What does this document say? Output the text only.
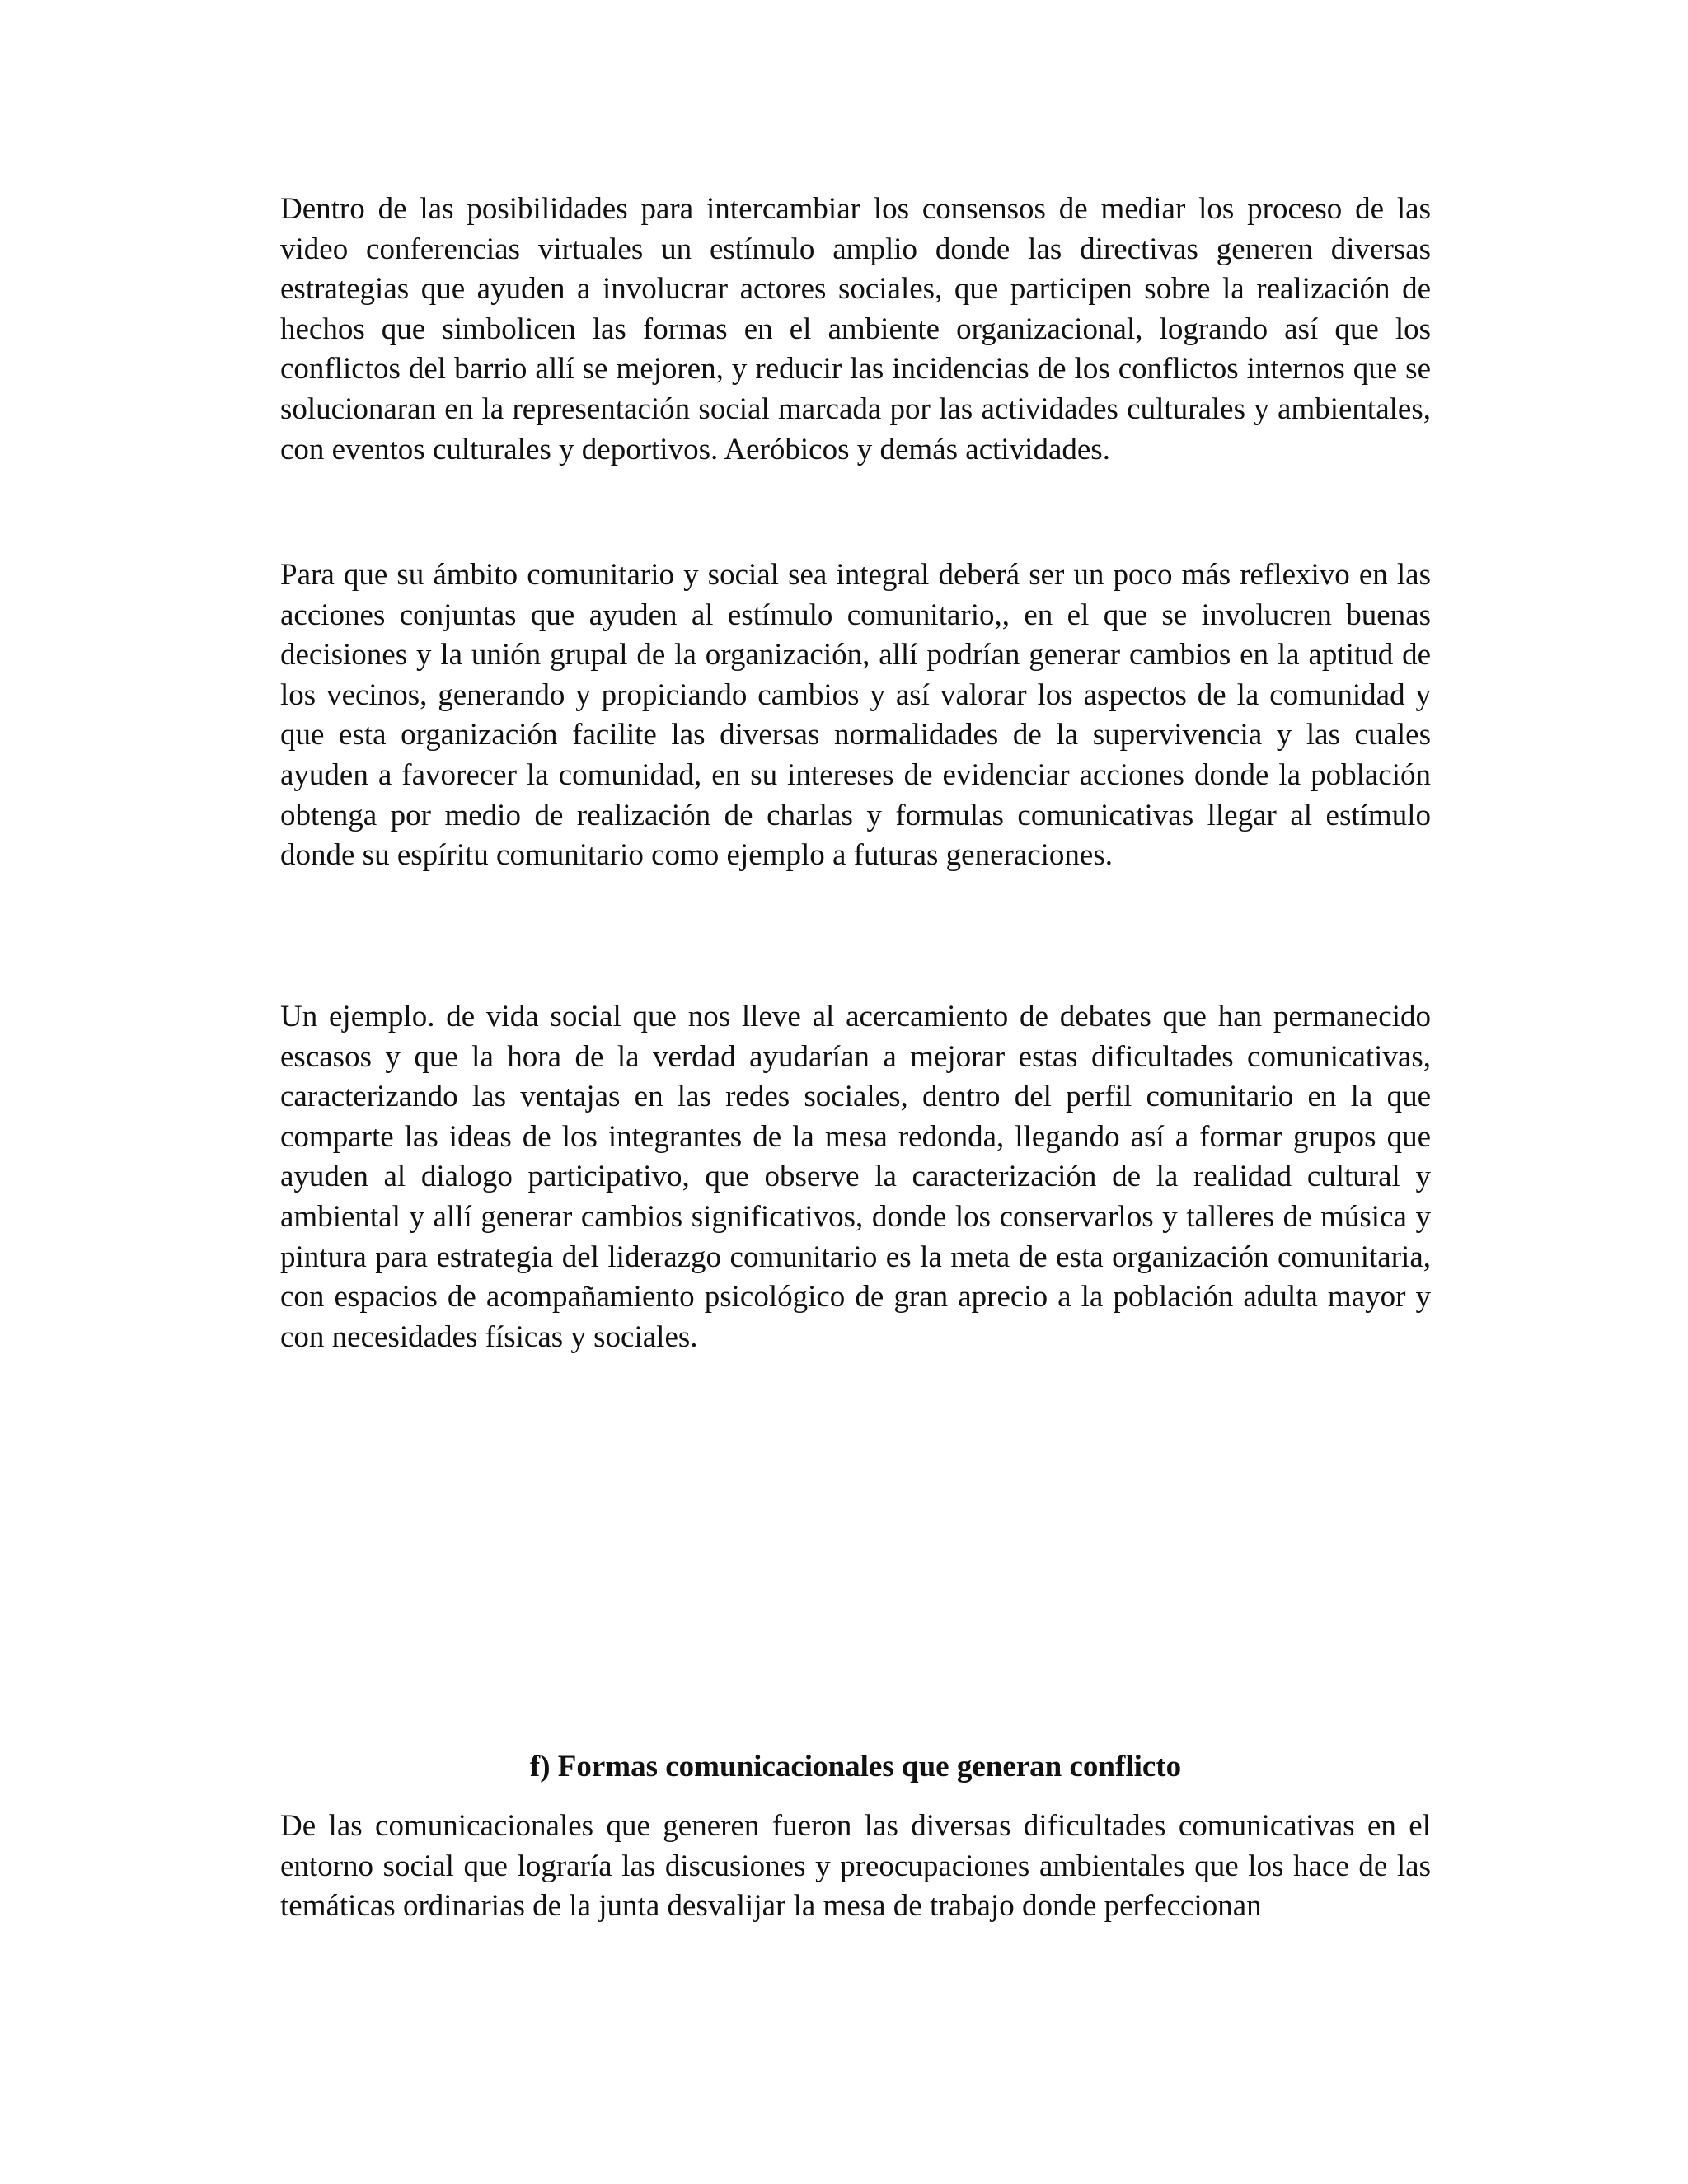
Dentro de las posibilidades para intercambiar los consensos de mediar los proceso de las video conferencias virtuales un estímulo amplio donde las directivas generen diversas estrategias que ayuden a involucrar actores sociales, que participen sobre la realización de hechos que simbolicen las formas en el ambiente organizacional, logrando así que los conflictos del barrio allí se mejoren, y reducir las incidencias de los conflictos internos que se solucionaran en la representación social marcada por las actividades culturales y ambientales, con eventos culturales y deportivos. Aeróbicos y demás actividades.

Para que su ámbito comunitario y social sea integral deberá ser un poco más reflexivo en las acciones conjuntas que ayuden al estímulo comunitario,, en el que se involucren buenas decisiones y la unión grupal de la organización, allí podrían generar cambios en la aptitud de los vecinos, generando y propiciando cambios y así valorar los aspectos de la comunidad y que esta organización facilite las diversas normalidades de la supervivencia y las cuales ayuden a favorecer la comunidad, en su intereses de evidenciar acciones donde la población obtenga por medio de realización de charlas y formulas comunicativas llegar al estímulo donde su espíritu comunitario como ejemplo a futuras generaciones.

Un ejemplo. de vida social que nos lleve al acercamiento de debates que han permanecido escasos y que la hora de la verdad ayudarían a mejorar estas dificultades comunicativas, caracterizando las ventajas en las redes sociales, dentro del perfil comunitario en la que comparte las ideas de los integrantes de la mesa redonda, llegando así a formar grupos que ayuden al dialogo participativo, que observe la caracterización de la realidad cultural y ambiental y allí generar cambios significativos, donde los conservarlos y talleres de música y pintura para estrategia del liderazgo comunitario es la meta de esta organización comunitaria, con espacios de acompañamiento psicológico de gran aprecio a la población adulta mayor y con necesidades físicas y sociales.

f) Formas comunicacionales que generan conflicto

De las comunicacionales que generen fueron las diversas dificultades comunicativas en el entorno social que lograría las discusiones y preocupaciones ambientales que los hace de las temáticas ordinarias de la junta desvalijar la mesa de trabajo donde perfeccionan
